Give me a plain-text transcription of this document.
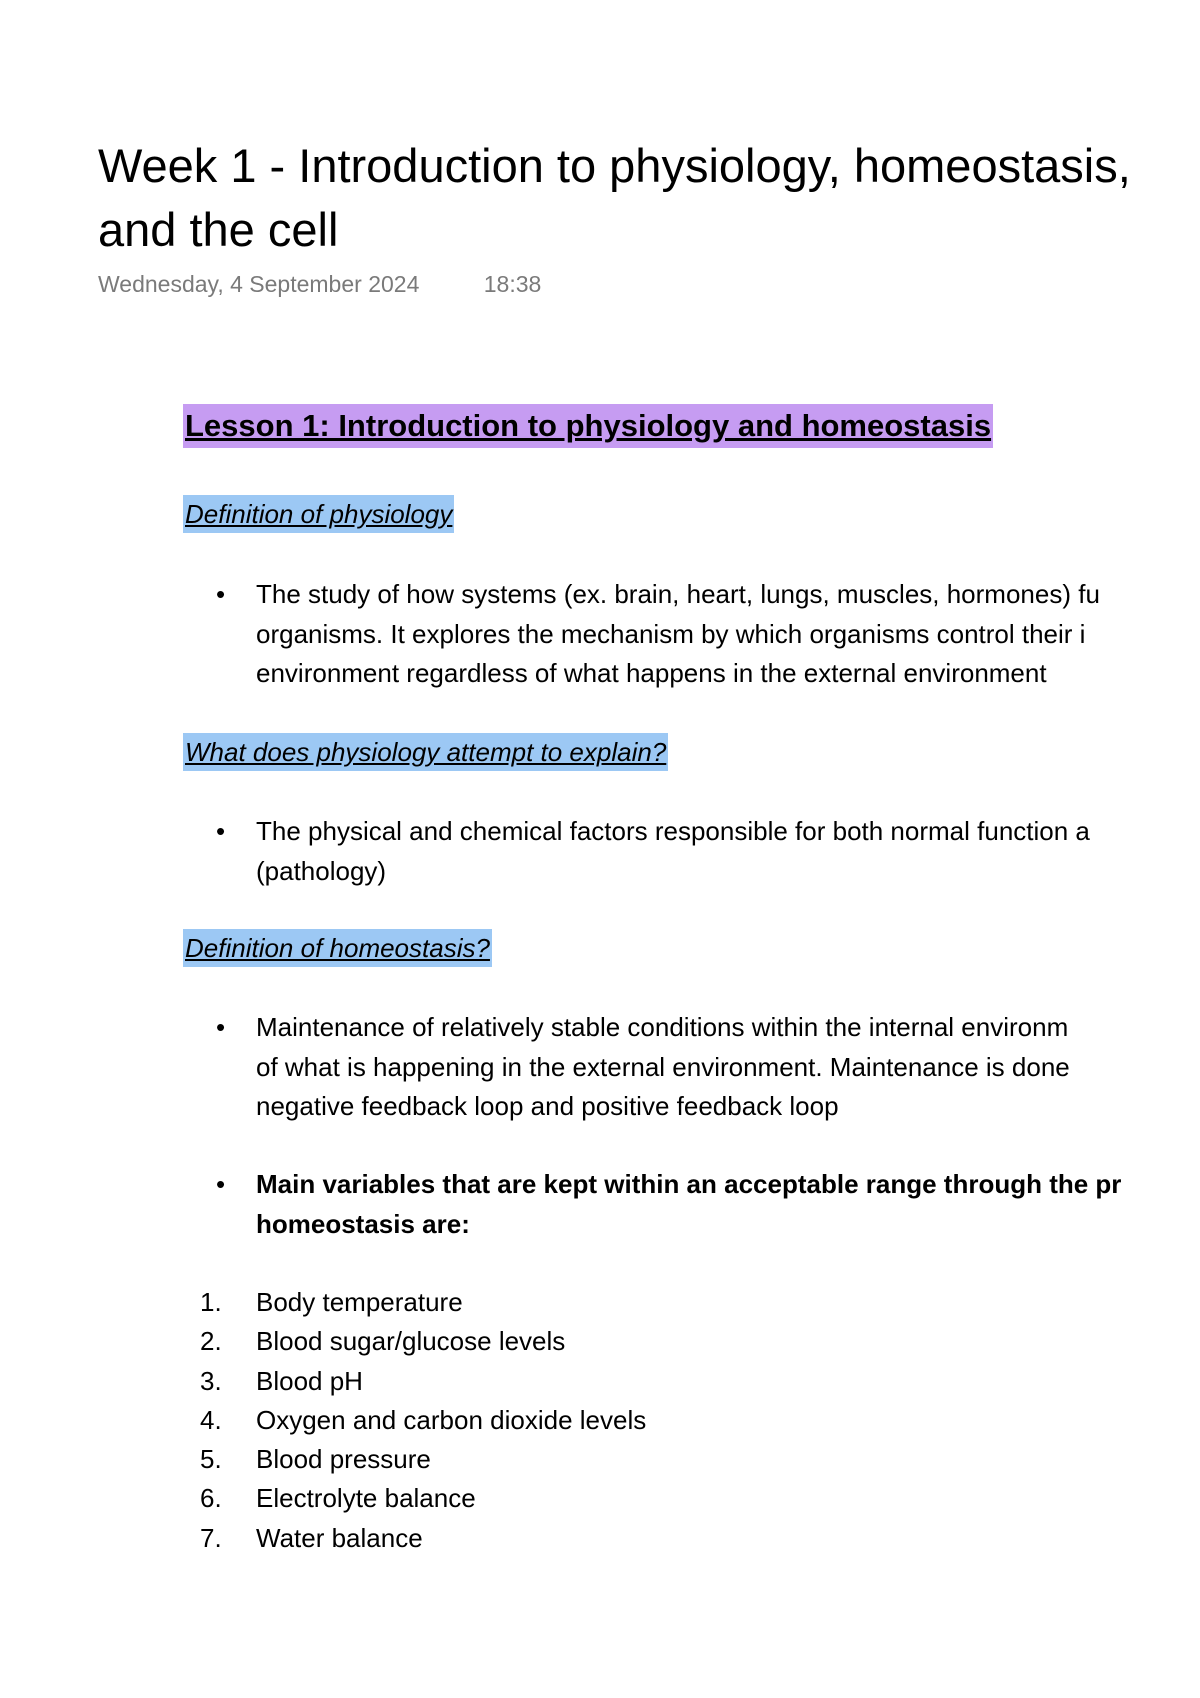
Week 1 - Introduction to physiology, homeostasis,
and the cell
Wednesday, 4 September 2024	18:38
Lesson 1: Introduction to physiology and homeostasis
Definition of physiology
•	The study of how systems (ex. brain, heart, lungs, muscles, hormones) fu
organisms. It explores the mechanism by which organisms control their i
environment regardless of what happens in the external environment
What does physiology attempt to explain?
•	The physical and chemical factors responsible for both normal function a
(pathology)
Definition of homeostasis?
•	Maintenance of relatively stable conditions within the internal environm
of what is happening in the external environment. Maintenance is done
negative feedback loop and positive feedback loop
•	Main variables that are kept within an acceptable range through the pr
homeostasis are:
1. Body temperature
2. Blood sugar/glucose levels
3. Blood pH
4. Oxygen and carbon dioxide levels
5. Blood pressure
6. Electrolyte balance
7. Water balance
